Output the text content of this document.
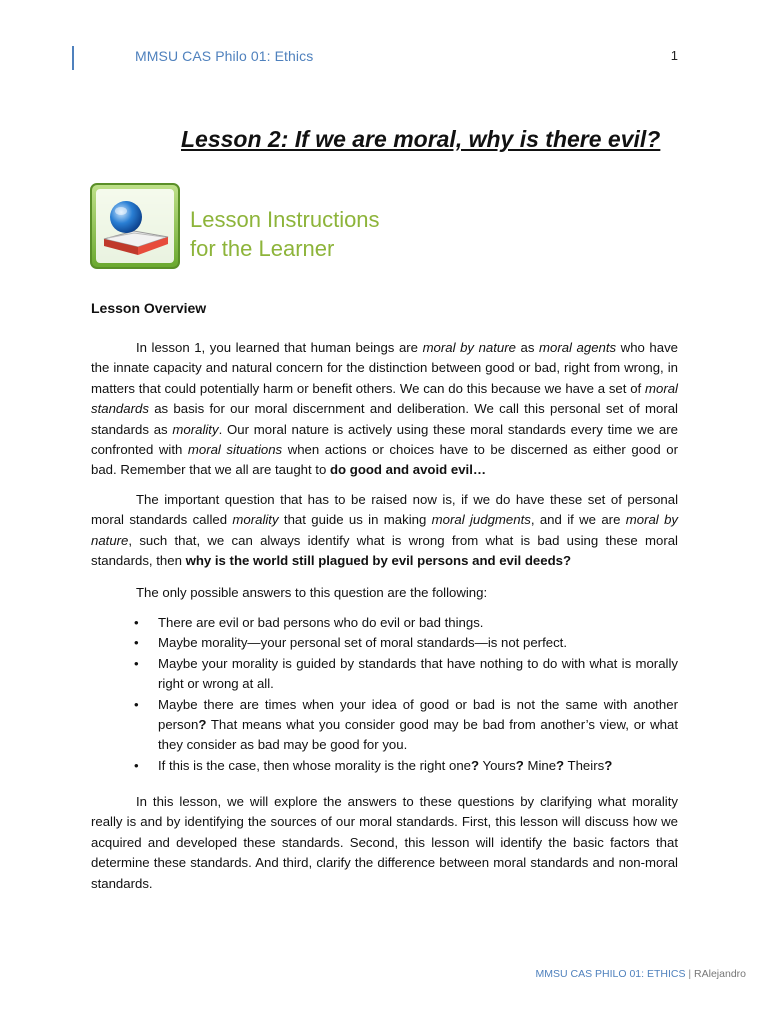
MMSU CAS Philo 01: Ethics	1
Lesson 2: If we are moral, why is there evil?
Lesson Instructions
for the Learner
Lesson Overview
In lesson 1, you learned that human beings are moral by nature as moral agents who have the innate capacity and natural concern for the distinction between good or bad, right from wrong, in matters that could potentially harm or benefit others. We can do this because we have a set of moral standards as basis for our moral discernment and deliberation. We call this personal set of moral standards as morality. Our moral nature is actively using these moral standards every time we are confronted with moral situations when actions or choices have to be discerned as either good or bad. Remember that we all are taught to do good and avoid evil…
The important question that has to be raised now is, if we do have these set of personal moral standards called morality that guide us in making moral judgments, and if we are moral by nature, such that, we can always identify what is wrong from what is bad using these moral standards, then why is the world still plagued by evil persons and evil deeds?
The only possible answers to this question are the following:
• There are evil or bad persons who do evil or bad things.
• Maybe morality—your personal set of moral standards—is not perfect.
• Maybe your morality is guided by standards that have nothing to do with what is morally right or wrong at all.
• Maybe there are times when your idea of good or bad is not the same with another person? That means what you consider good may be bad from another’s view, or what they consider as bad may be good for you.
• If this is the case, then whose morality is the right one? Yours? Mine? Theirs?
In this lesson, we will explore the answers to these questions by clarifying what morality really is and by identifying the sources of our moral standards. First, this lesson will discuss how we acquired and developed these standards. Second, this lesson will identify the basic factors that determine these standards. And third, clarify the difference between moral standards and non-moral standards.
MMSU CAS PHILO 01: ETHICS | RAlejandro
